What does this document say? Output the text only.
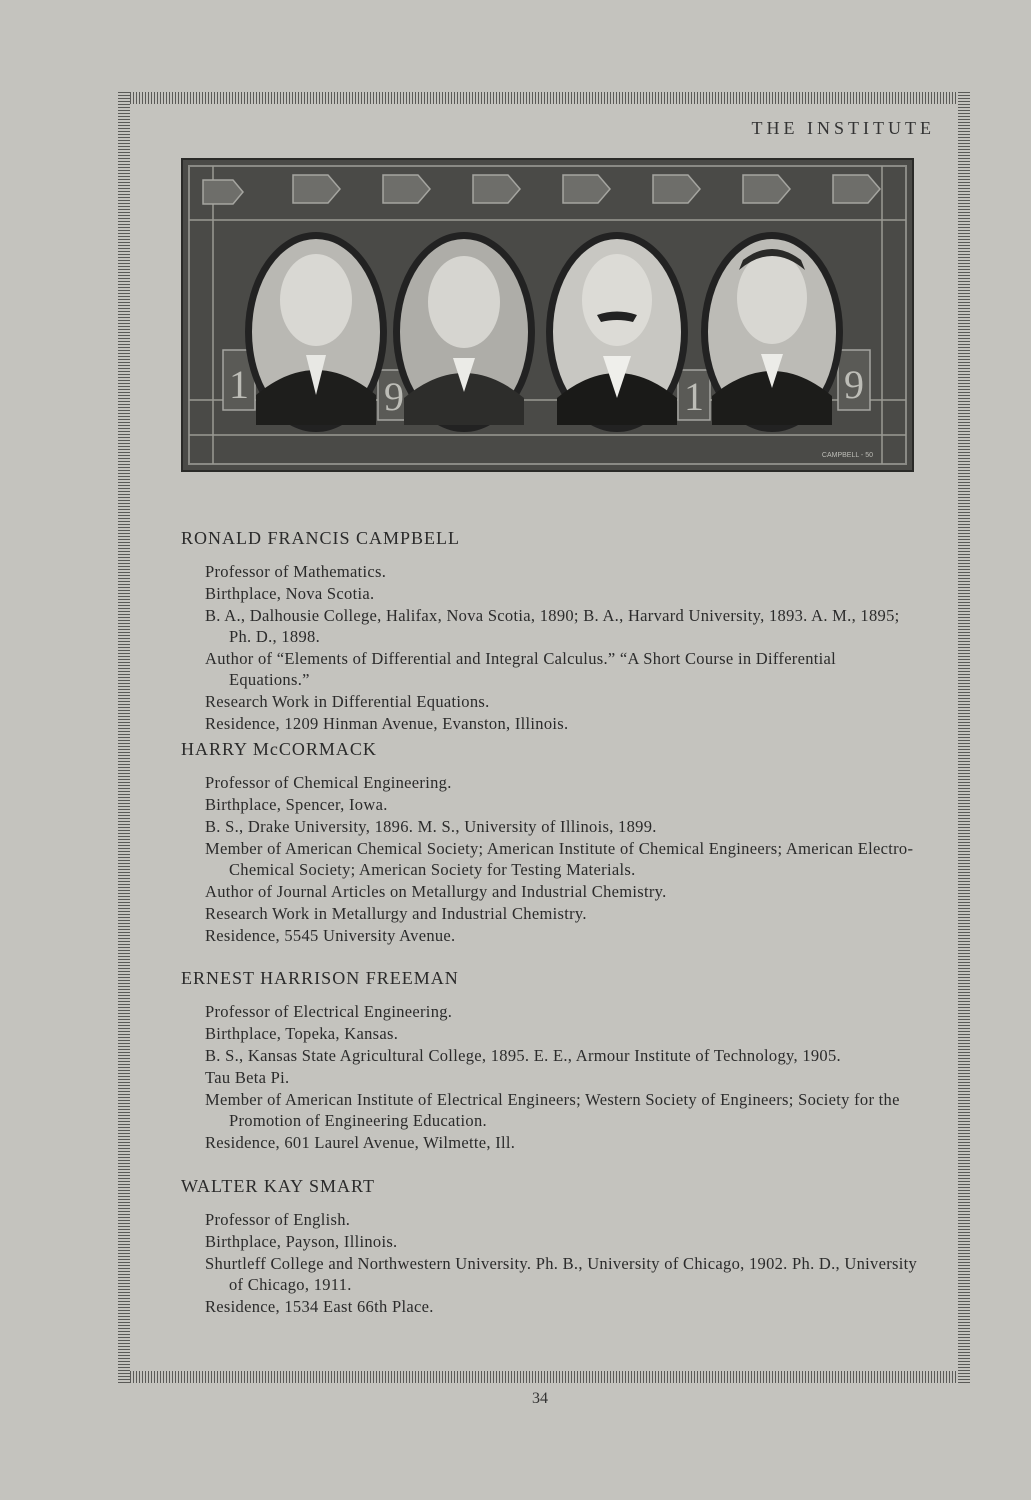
THE INSTITUTE
1	9	1	9
CAMPBELL - 50
RONALD FRANCIS CAMPBELL
Professor of Mathematics.
Birthplace, Nova Scotia.
B. A., Dalhousie College, Halifax, Nova Scotia, 1890; B. A., Harvard University, 1893. A. M., 1895; Ph. D., 1898.
Author of “Elements of Differential and Integral Calculus.” “A Short Course in Differential Equations.”
Research Work in Differential Equations.
Residence, 1209 Hinman Avenue, Evanston, Illinois.
HARRY McCORMACK
Professor of Chemical Engineering.
Birthplace, Spencer, Iowa.
B. S., Drake University, 1896. M. S., University of Illinois, 1899.
Member of American Chemical Society; American Institute of Chemical Engineers; American Electro-Chemical Society; American Society for Testing Materials.
Author of Journal Articles on Metallurgy and Industrial Chemistry.
Research Work in Metallurgy and Industrial Chemistry.
Residence, 5545 University Avenue.
ERNEST HARRISON FREEMAN
Professor of Electrical Engineering.
Birthplace, Topeka, Kansas.
B. S., Kansas State Agricultural College, 1895. E. E., Armour Institute of Technology, 1905.
Tau Beta Pi.
Member of American Institute of Electrical Engineers; Western Society of Engineers; Society for the Promotion of Engineering Education.
Residence, 601 Laurel Avenue, Wilmette, Ill.
WALTER KAY SMART
Professor of English.
Birthplace, Payson, Illinois.
Shurtleff College and Northwestern University. Ph. B., University of Chicago, 1902. Ph. D., University of Chicago, 1911.
Residence, 1534 East 66th Place.
34
